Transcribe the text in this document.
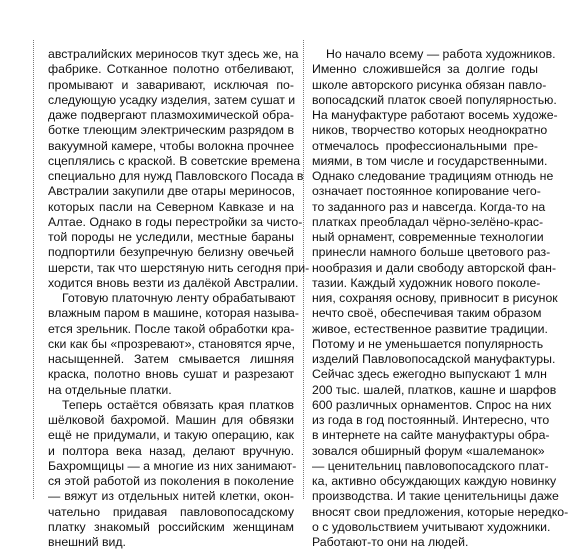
австралийских мериносов ткут здесь же, на
фабрике. Сотканное полотно отбеливают,
промывают и заваривают, исключая по-
следующую усадку изделия, затем сушат и
даже подвергают плазмохимической обра-
ботке тлеющим электрическим разрядом в
вакуумной камере, чтобы волокна прочнее
сцеплялись с краской. В советские времена
специально для нужд Павловского Посада в
Австралии закупили две отары мериносов,
которых пасли на Северном Кавказе и на
Алтае. Однако в годы перестройки за чисто-
той породы не уследили, местные бараны
подпортили безупречную белизну овечьей
шерсти, так что шерстяную нить сегодня при-
ходится вновь везти из далёкой Австралии.
Готовую платочную ленту обрабатывают
влажным паром в машине, которая называ-
ется зрельник. После такой обработки кра-
ски как бы «прозревают», становятся ярче,
насыщенней. Затем смывается лишняя
краска, полотно вновь сушат и разрезают
на отдельные платки.
Теперь остаётся обвязать края платков
шёлковой бахромой. Машин для обвязки
ещё не придумали, и такую операцию, как
и полтора века назад, делают вручную.
Бахромщицы — а многие из них занимают-
ся этой работой из поколения в поколение
— вяжут из отдельных нитей клетки, окон-
чательно придавая павловопосадскому
платку знакомый российским женщинам
внешний вид.
Но начало всему — работа художников.
Именно сложившейся за долгие годы
школе авторского рисунка обязан павло-
вопосадский платок своей популярностью.
На мануфактуре работают восемь художе-
ников, творчество которых неоднократно
отмечалось профессиональными пре-
миями, в том числе и государственными.
Однако следование традициям отнюдь не
означает постоянное копирование чего-
то заданного раз и навсегда. Когда-то на
платках преобладал чёрно-зелёно-крас-
ный орнамент, современные технологии
принесли намного больше цветового раз-
нообразия и дали свободу авторской фан-
тазии. Каждый художник нового поколе-
ния, сохраняя основу, привносит в рисунок
нечто своё, обеспечивая таким образом
живое, естественное развитие традиции.
Потому и не уменьшается популярность
изделий Павловопосадской мануфактуры.
Сейчас здесь ежегодно выпускают 1 млн
200 тыс. шалей, платков, кашне и шарфов
600 различных орнаментов. Спрос на них
из года в год постоянный. Интересно, что
в интернете на сайте мануфактуры обра-
зовался обширный форум «шалеманок»
— ценительниц павловопосадского плат-
ка, активно обсуждающих каждую новинку
производства. И такие ценительницы даже
вносят свои предложения, которые нередко-
о с удовольствием учитывают художники.
Работают-то они на людей.
